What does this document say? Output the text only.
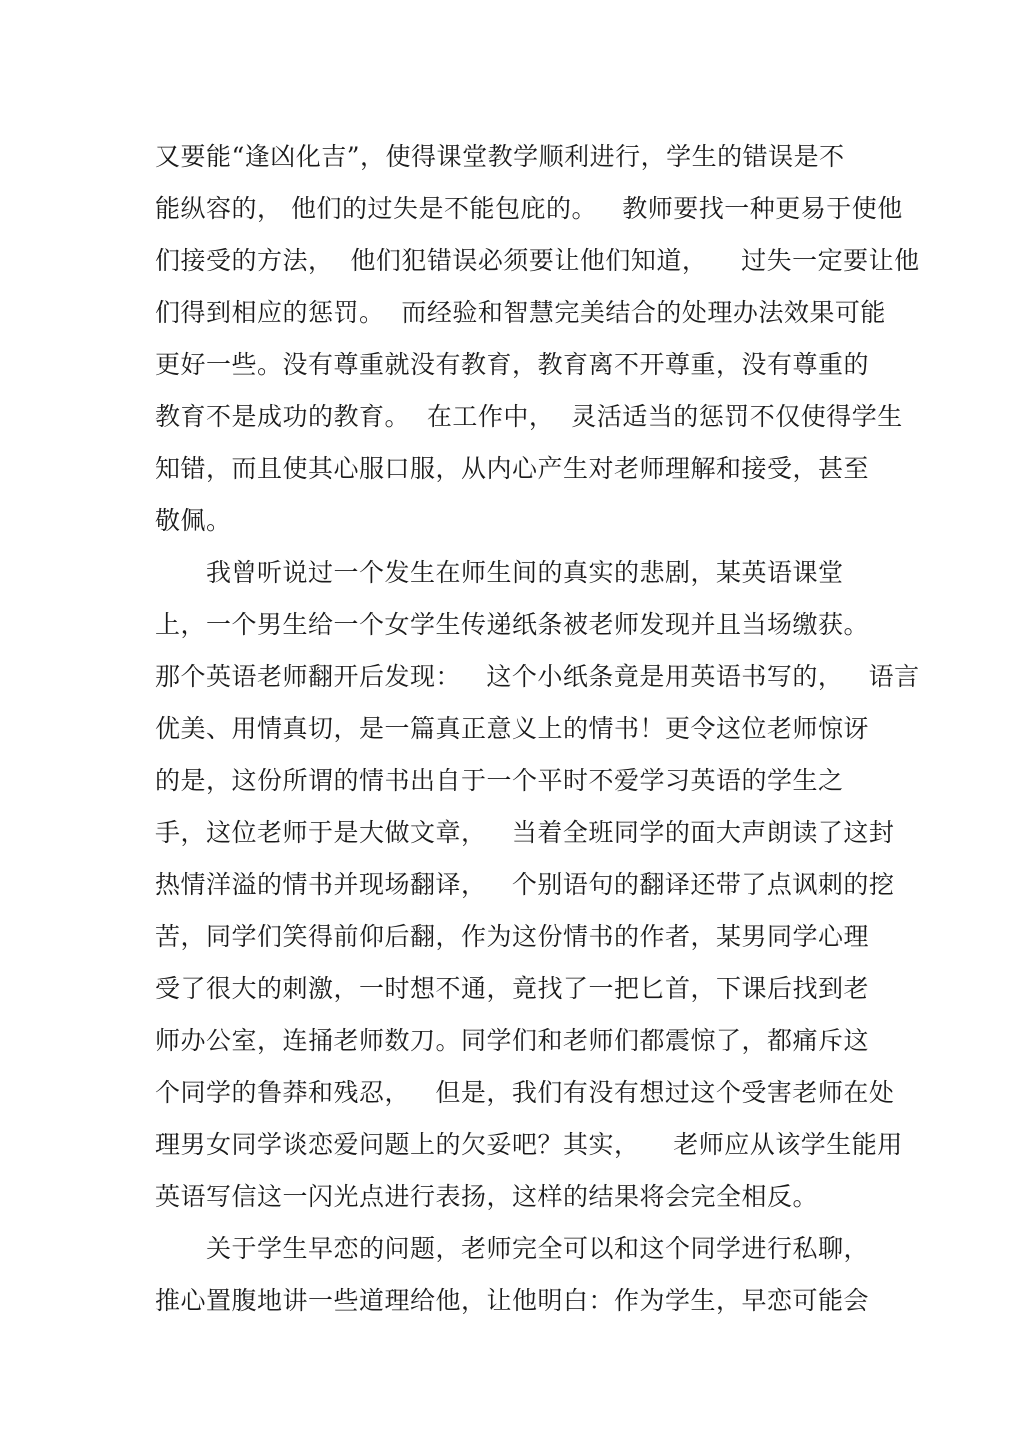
又要能“逢凶化吉”，使得课堂教学顺利进行，学生的错误是不
能纵容的， 他们的过失是不能包庇的。   教师要找一种更易于使他
们接受的方法，  他们犯错误必须要让他们知道，    过失一定要让他
们得到相应的惩罚。  而经验和智慧完美结合的处理办法效果可能
更好一些。没有尊重就没有教育，教育离不开尊重，没有尊重的
教育不是成功的教育。  在工作中，  灵活适当的惩罚不仅使得学生
知错，而且使其心服口服，从内心产生对老师理解和接受，甚至
敬佩。
我曾听说过一个发生在师生间的真实的悲剧，某英语课堂
上，一个男生给一个女学生传递纸条被老师发现并且当场缴获。
那个英语老师翻开后发现：   这个小纸条竟是用英语书写的，   语言
优美、用情真切，是一篇真正意义上的情书！更令这位老师惊讶
的是，这份所谓的情书出自于一个平时不爱学习英语的学生之
手，这位老师于是大做文章，   当着全班同学的面大声朗读了这封
热情洋溢的情书并现场翻译，   个别语句的翻译还带了点讽刺的挖
苦，同学们笑得前仰后翻，作为这份情书的作者，某男同学心理
受了很大的刺激，一时想不通，竟找了一把匕首，下课后找到老
师办公室，连捅老师数刀。同学们和老师们都震惊了，都痛斥这
个同学的鲁莽和残忍，   但是，我们有没有想过这个受害老师在处
理男女同学谈恋爱问题上的欠妥吧？其实，    老师应从该学生能用
英语写信这一闪光点进行表扬，这样的结果将会完全相反。
关于学生早恋的问题，老师完全可以和这个同学进行私聊，
推心置腹地讲一些道理给他，让他明白：作为学生，早恋可能会
